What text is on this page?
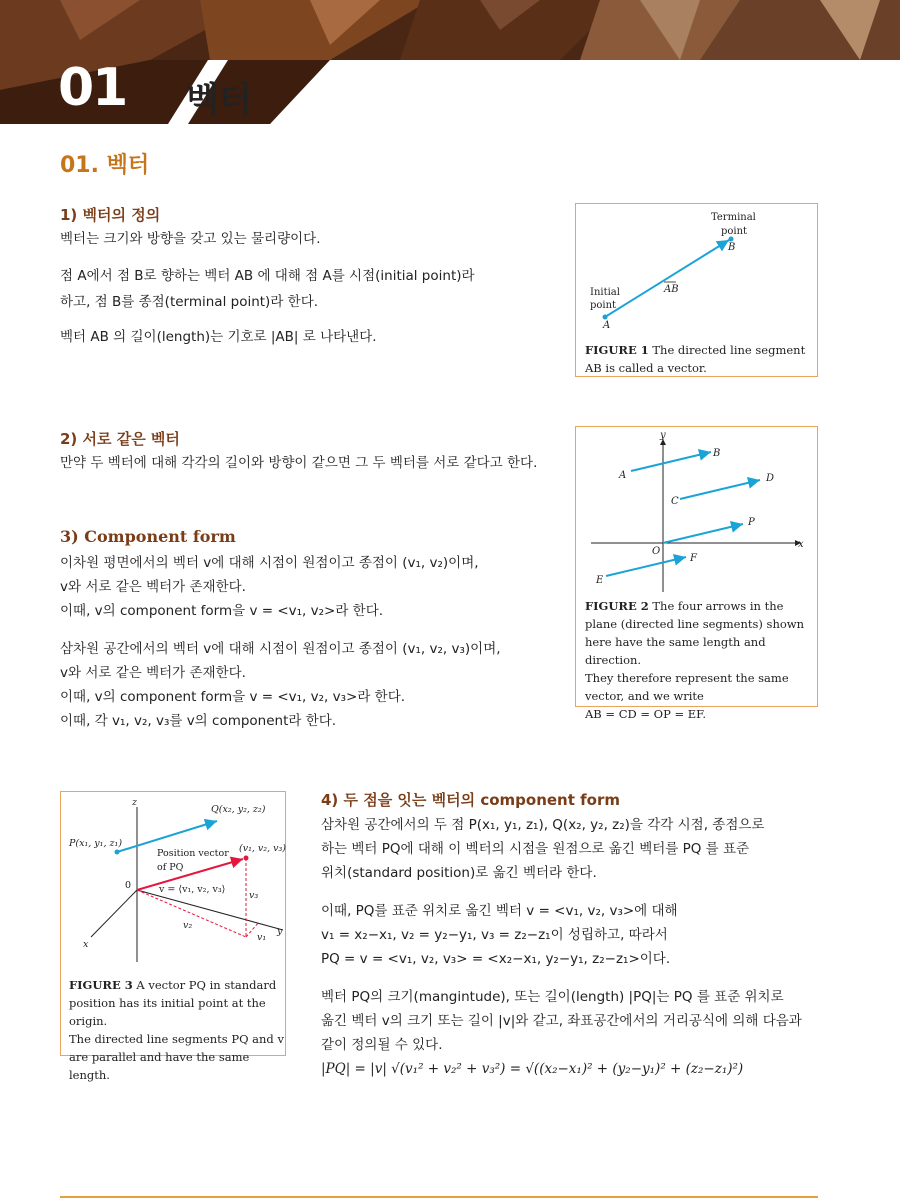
01 벡터
01. 벡터
1) 벡터의 정의
벡터는 크기와 방향을 갖고 있는 물리량이다.
점 A에서 점 B로 향하는 벡터 AB 에 대해 점 A를 시점(initial point)라
하고, 점 B를 종점(terminal point)라 한다.
벡터 AB 의 길이(length)는 기호로 |AB| 로 나타낸다.
Terminal
point
B
Initial
point
A
AB
FIGURE 1 The directed line segment AB is called a vector.
2) 서로 같은 벡터
만약 두 벡터에 대해 각각의 길이와 방향이 같으면 그 두 벡터를 서로 같다고 한다.
y
x
O
A
B
C
D
P
E
F
FIGURE 2 The four arrows in the
plane (directed line segments) shown
here have the same length and direction.
They therefore represent the same
vector, and we write
AB = CD = OP = EF.
3) Component form
이차원 평면에서의 벡터 v에 대해 시점이 원점이고 종점이 (v₁, v₂)이며,
v와 서로 같은 벡터가 존재한다.
이때, v의 component form을 v = <v₁, v₂>라 한다.
삼차원 공간에서의 벡터 v에 대해 시점이 원점이고 종점이 (v₁, v₂, v₃)이며,
v와 서로 같은 벡터가 존재한다.
이때, v의 component form을 v = <v₁, v₂, v₃>라 한다.
이때, 각 v₁, v₂, v₃를 v의 component라 한다.
z
y
x
0
Q(x₂, y₂, z₂)
P(x₁, y₁, z₁)
Position vector
of PQ
(v₁, v₂, v₃)
v = ⟨v₁, v₂, v₃⟩
v₃
v₂
v₁
FIGURE 3 A vector PQ in standard
position has its initial point at the origin.
The directed line segments PQ and v
are parallel and have the same length.
4) 두 점을 잇는 벡터의 component form
삼차원 공간에서의 두 점 P(x₁, y₁, z₁), Q(x₂, y₂, z₂)을 각각 시점, 종점으로
하는 벡터 PQ에 대해 이 벡터의 시점을 원점으로 옮긴 벡터를 PQ 를 표준
위치(standard position)로 옮긴 벡터라 한다.
이때, PQ를 표준 위치로 옮긴 벡터 v = <v₁, v₂, v₃>에 대해
v₁ = x₂−x₁, v₂ = y₂−y₁, v₃ = z₂−z₁이 성립하고, 따라서
PQ = v = <v₁, v₂, v₃> = <x₂−x₁, y₂−y₁, z₂−z₁>이다.
벡터 PQ의 크기(mangintude), 또는 길이(length) |PQ|는 PQ 를 표준 위치로
옮긴 벡터 v의 크기 또는 길이 |v|와 같고, 좌표공간에서의 거리공식에 의해 다음과
같이 정의될 수 있다.
|PQ| = |v| √(v₁² + v₂² + v₃²) = √((x₂−x₁)² + (y₂−y₁)² + (z₂−z₁)²)
